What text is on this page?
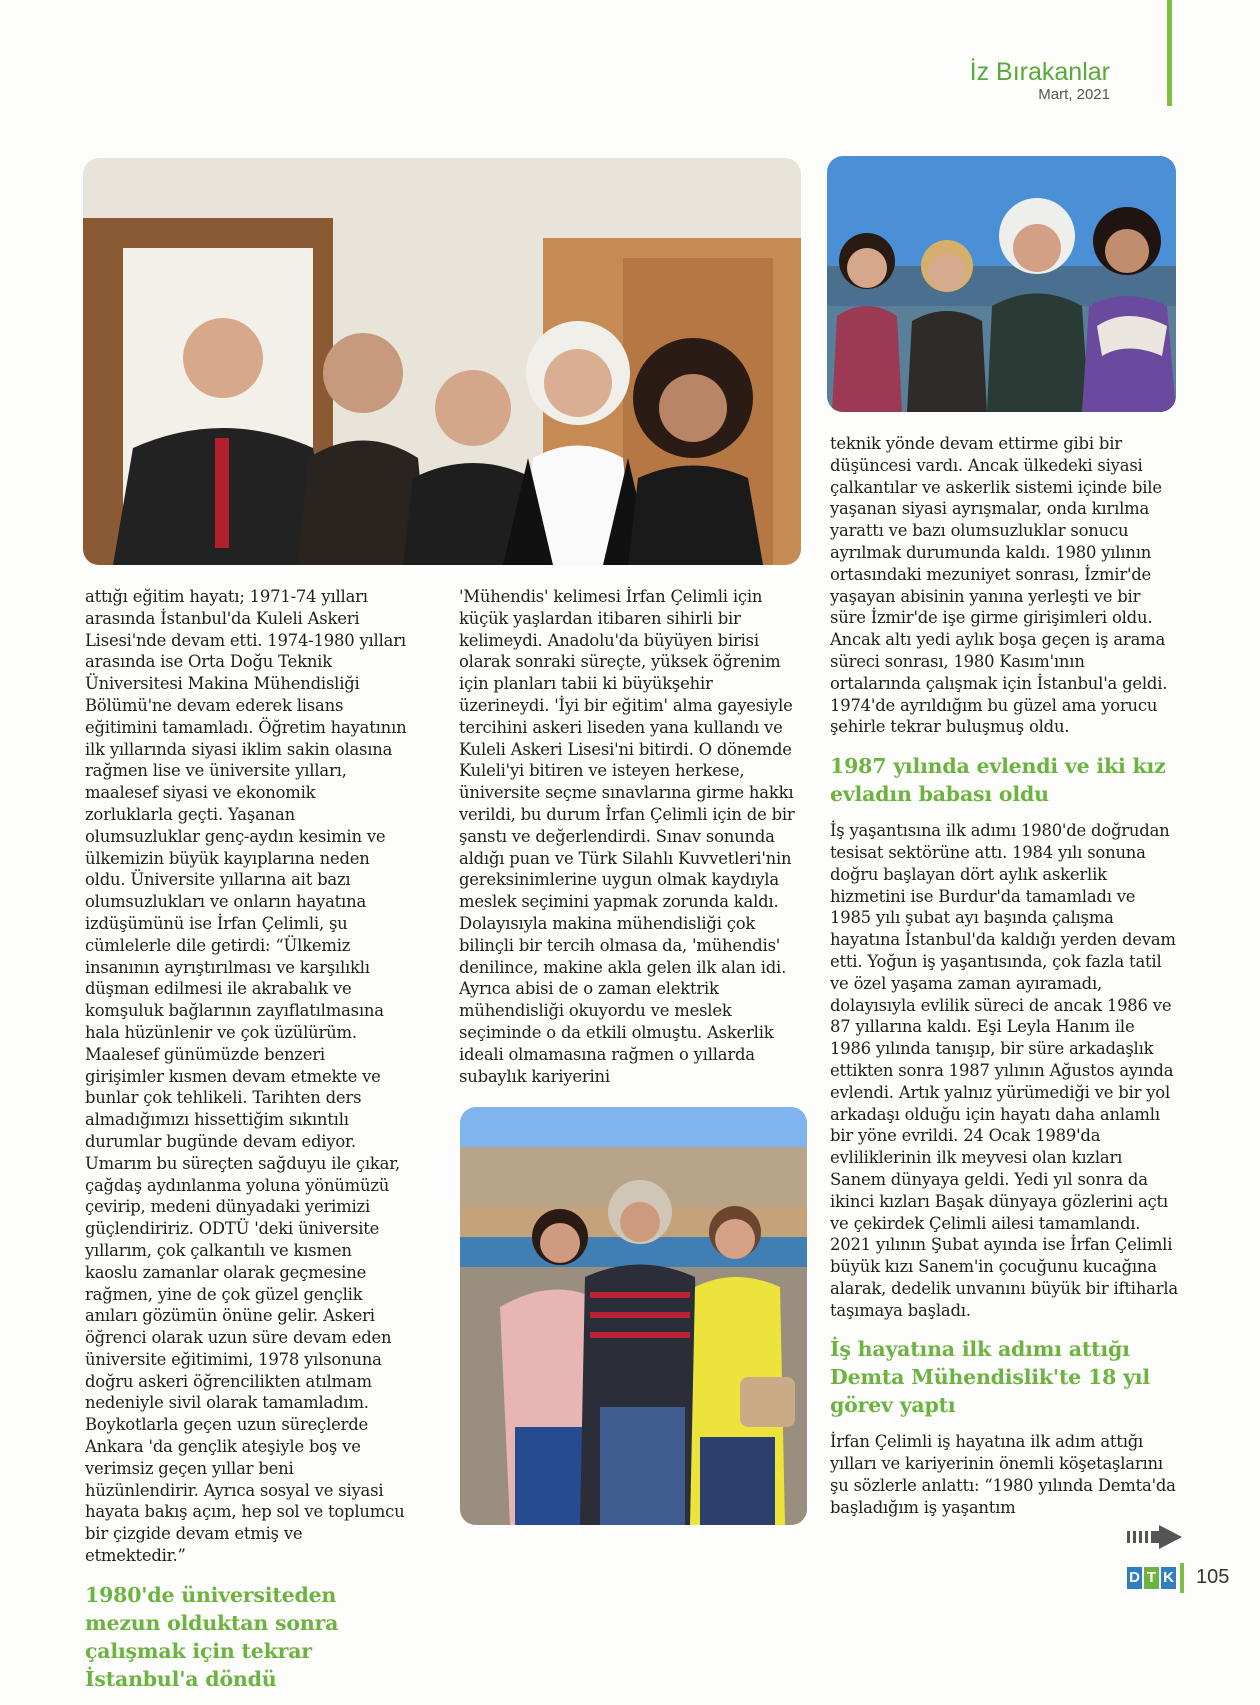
İz Bırakanlar
Mart, 2021

attığı eğitim hayatı; 1971-74 yılları arasında İstanbul'da Kuleli Askeri Lisesi'nde devam etti. 1974-1980 yılları arasında ise Orta Doğu Teknik Üniversitesi Makina Mühendisliği Bölümü'ne devam ederek lisans eğitimini tamamladı. Öğretim hayatının ilk yıllarında siyasi iklim sakin olasına rağmen lise ve üniversite yılları, maalesef siyasi ve ekonomik zorluklarla geçti. Yaşanan olumsuzluklar genç-aydın kesimin ve ülkemizin büyük kayıplarına neden oldu. Üniversite yıllarına ait bazı olumsuzlukları ve onların hayatına izdüşümünü ise İrfan Çelimli, şu cümlelerle dile getirdi: “Ülkemiz insanının ayrıştırılması ve karşılıklı düşman edilmesi ile akrabalık ve komşuluk bağlarının zayıflatılmasına hala hüzünlenir ve çok üzülürüm. Maalesef günümüzde benzeri girişimler kısmen devam etmekte ve bunlar çok tehlikeli. Tarihten ders almadığımızı hissettiğim sıkıntılı durumlar bugünde devam ediyor. Umarım bu süreçten sağduyu ile çıkar, çağdaş aydınlanma yoluna yönümüzü çevirip, medeni dünyadaki yerimizi güçlendiririz. ODTÜ 'deki üniversite yıllarım, çok çalkantılı ve kısmen kaoslu zamanlar olarak geçmesine rağmen, yine de çok güzel gençlik anıları gözümün önüne gelir. Askeri öğrenci olarak uzun süre devam eden üniversite eğitimimi, 1978 yılsonuna doğru askeri öğrencilikten atılmam nedeniyle sivil olarak tamamladım. Boykotlarla geçen uzun süreçlerde Ankara 'da gençlik ateşiyle boş ve verimsiz geçen yıllar beni hüzünlendirir. Ayrıca sosyal ve siyasi hayata bakış açım, hep sol ve toplumcu bir çizgide devam etmiş ve etmektedir.”

1980'de üniversiteden mezun olduktan sonra çalışmak için tekrar İstanbul'a döndü

'Mühendis' kelimesi İrfan Çelimli için küçük yaşlardan itibaren sihirli bir kelimeydi. Anadolu'da büyüyen birisi olarak sonraki süreçte, yüksek öğrenim için planları tabii ki büyükşehir üzerineydi. 'İyi bir eğitim' alma gayesiyle tercihini askeri liseden yana kullandı ve Kuleli Askeri Lisesi'ni bitirdi. O dönemde Kuleli'yi bitiren ve isteyen herkese, üniversite seçme sınavlarına girme hakkı verildi, bu durum İrfan Çelimli için de bir şanstı ve değerlendirdi. Sınav sonunda aldığı puan ve Türk Silahlı Kuvvetleri'nin gereksinimlerine uygun olmak kaydıyla meslek seçimini yapmak zorunda kaldı. Dolayısıyla makina mühendisliği çok bilinçli bir tercih olmasa da, 'mühendis' denilince, makine akla gelen ilk alan idi. Ayrıca abisi de o zaman elektrik mühendisliği okuyordu ve meslek seçiminde o da etkili olmuştu. Askerlik ideali olmamasına rağmen o yıllarda subaylık kariyerini

teknik yönde devam ettirme gibi bir düşüncesi vardı. Ancak ülkedeki siyasi çalkantılar ve askerlik sistemi içinde bile yaşanan siyasi ayrışmalar, onda kırılma yarattı ve bazı olumsuzluklar sonucu ayrılmak durumunda kaldı. 1980 yılının ortasındaki mezuniyet sonrası, İzmir'de yaşayan abisinin yanına yerleşti ve bir süre İzmir'de işe girme girişimleri oldu. Ancak altı yedi aylık boşa geçen iş arama süreci sonrası, 1980 Kasım'ının ortalarında çalışmak için İstanbul'a geldi. 1974'de ayrıldığım bu güzel ama yorucu şehirle tekrar buluşmuş oldu.

1987 yılında evlendi ve iki kız evladın babası oldu

İş yaşantısına ilk adımı 1980'de doğrudan tesisat sektörüne attı. 1984 yılı sonuna doğru başlayan dört aylık askerlik hizmetini ise Burdur'da tamamladı ve 1985 yılı şubat ayı başında çalışma hayatına İstanbul'da kaldığı yerden devam etti. Yoğun iş yaşantısında, çok fazla tatil ve özel yaşama zaman ayıramadı, dolayısıyla evlilik süreci de ancak 1986 ve 87 yıllarına kaldı. Eşi Leyla Hanım ile 1986 yılında tanışıp, bir süre arkadaşlık ettikten sonra 1987 yılının Ağustos ayında evlendi. Artık yalnız yürümediği ve bir yol arkadaşı olduğu için hayatı daha anlamlı bir yöne evrildi. 24 Ocak 1989'da evliliklerinin ilk meyvesi olan kızları Sanem dünyaya geldi. Yedi yıl sonra da ikinci kızları Başak dünyaya gözlerini açtı ve çekirdek Çelimli ailesi tamamlandı. 2021 yılının Şubat ayında ise İrfan Çelimli büyük kızı Sanem'in çocuğunu kucağına alarak, dedelik unvanını büyük bir iftiharla taşımaya başladı.

İş hayatına ilk adımı attığı Demta Mühendislik'te 18 yıl görev yaptı

İrfan Çelimli iş hayatına ilk adım attığı yılları ve kariyerinin önemli köşetaşlarını şu sözlerle anlattı: “1980 yılında Demta'da başladığım iş yaşantım

D T K 105
